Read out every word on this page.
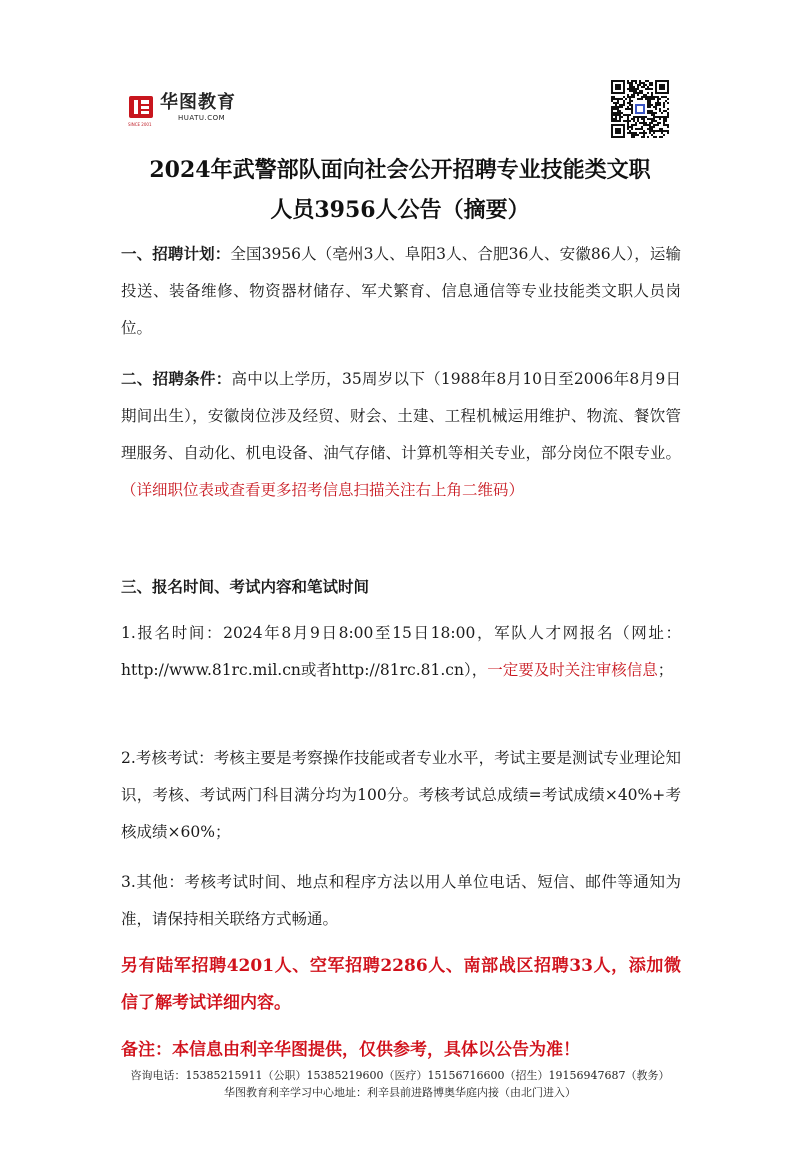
华图教育
HUATU.COM
SINCE 2001
2024年武警部队面向社会公开招聘专业技能类文职
人员3956人公告（摘要）
一、招聘计划：全国3956人（亳州3人、阜阳3人、合肥36人、安徽86人），运输投送、装备维修、物资器材储存、军犬繁育、信息通信等专业技能类文职人员岗位。
二、招聘条件：高中以上学历，35周岁以下（1988年8月10日至2006年8月9日期间出生），安徽岗位涉及经贸、财会、土建、工程机械运用维护、物流、餐饮管理服务、自动化、机电设备、油气存储、计算机等相关专业，部分岗位不限专业。（详细职位表或查看更多招考信息扫描关注右上角二维码）
三、报名时间、考试内容和笔试时间
1.报名时间：2024年8月9日8:00至15日18:00，军队人才网报名（网址：http://www.81rc.mil.cn或者http://81rc.81.cn），一定要及时关注审核信息；
2.考核考试：考核主要是考察操作技能或者专业水平，考试主要是测试专业理论知识，考核、考试两门科目满分均为100分。考核考试总成绩=考试成绩×40%+考核成绩×60%；
3.其他：考核考试时间、地点和程序方法以用人单位电话、短信、邮件等通知为准，请保持相关联络方式畅通。
另有陆军招聘4201人、空军招聘2286人、南部战区招聘33人，添加微信了解考试详细内容。
备注：本信息由利辛华图提供，仅供参考，具体以公告为准！
咨询电话：15385215911（公职）15385219600（医疗）15156716600（招生）19156947687（教务）
华图教育利辛学习中心地址：利辛县前进路博奥华庭内接（由北门进入）
